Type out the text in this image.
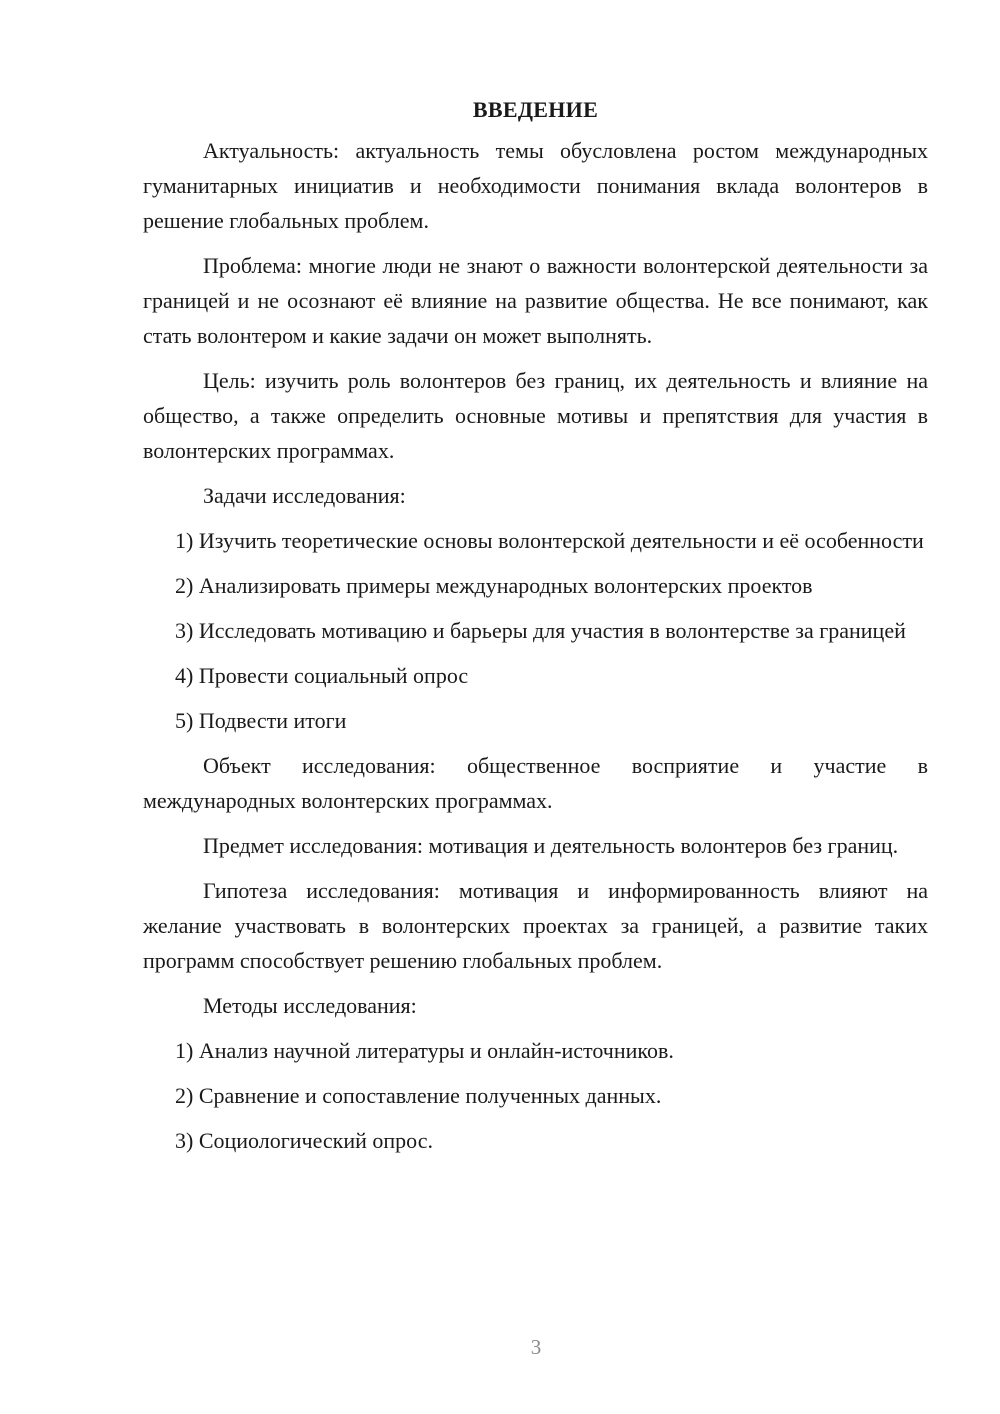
ВВЕДЕНИЕ

Актуальность: актуальность темы обусловлена ростом международных гуманитарных инициатив и необходимости понимания вклада волонтеров в решение глобальных проблем.

Проблема: многие люди не знают о важности волонтерской деятельности за границей и не осознают её влияние на развитие общества. Не все понимают, как стать волонтером и какие задачи он может выполнять.

Цель: изучить роль волонтеров без границ, их деятельность и влияние на общество, а также определить основные мотивы и препятствия для участия в волонтерских программах.

Задачи исследования:

1) Изучить теоретические основы волонтерской деятельности и её особенности

2) Анализировать примеры международных волонтерских проектов

3) Исследовать мотивацию и барьеры для участия в волонтерстве за границей

4) Провести социальный опрос

5) Подвести итоги

Объект исследования: общественное восприятие и участие в международных волонтерских программах.

Предмет исследования: мотивация и деятельность волонтеров без границ.

Гипотеза исследования: мотивация и информированность влияют на желание участвовать в волонтерских проектах за границей, а развитие таких программ способствует решению глобальных проблем.

Методы исследования:

1) Анализ научной литературы и онлайн-источников.

2) Сравнение и сопоставление полученных данных.

3) Социологический опрос.

3
